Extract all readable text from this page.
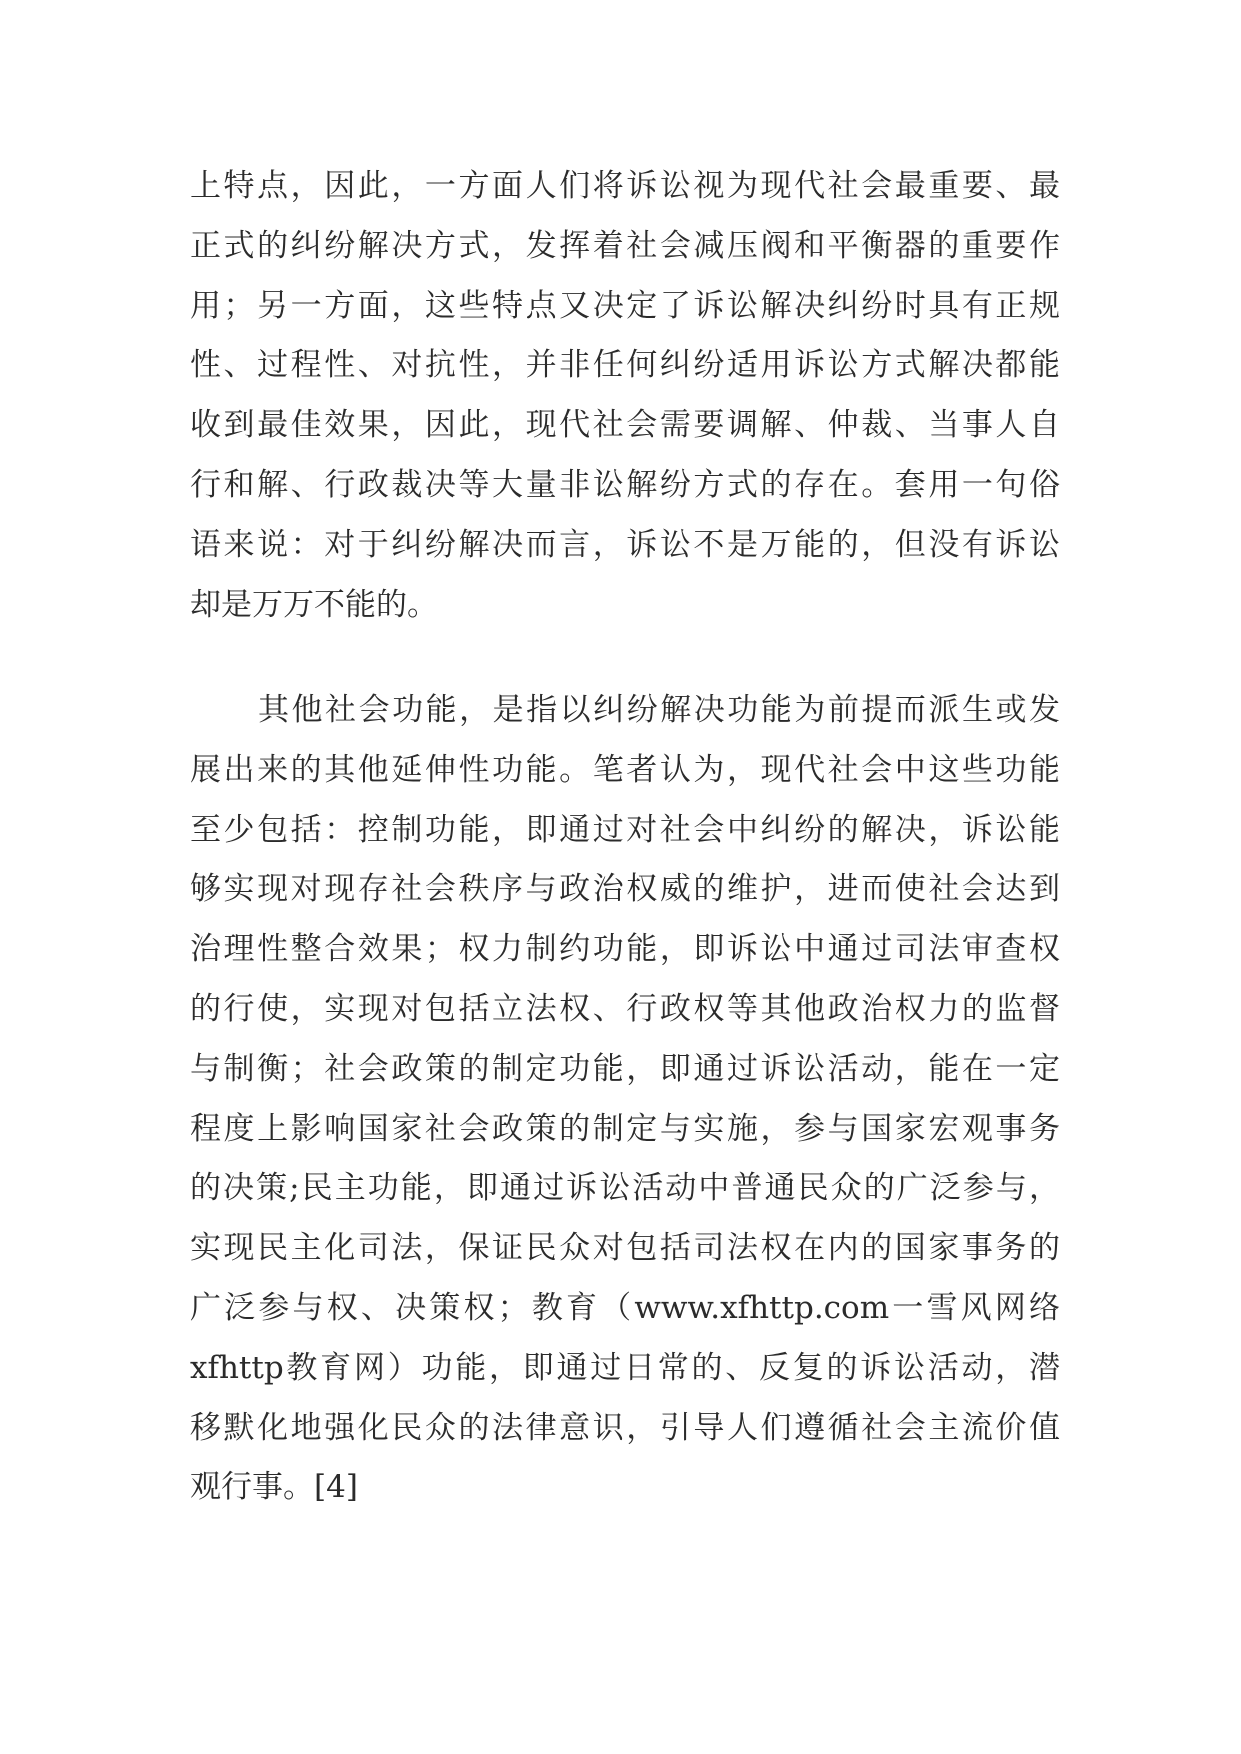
上特点，因此，一方面人们将诉讼视为现代社会最重要、最
正式的纠纷解决方式，发挥着社会减压阀和平衡器的重要作
用；另一方面，这些特点又决定了诉讼解决纠纷时具有正规
性、过程性、对抗性，并非任何纠纷适用诉讼方式解决都能
收到最佳效果，因此，现代社会需要调解、仲裁、当事人自
行和解、行政裁决等大量非讼解纷方式的存在。套用一句俗
语来说：对于纠纷解决而言，诉讼不是万能的，但没有诉讼
却是万万不能的。
其他社会功能，是指以纠纷解决功能为前提而派生或发
展出来的其他延伸性功能。笔者认为，现代社会中这些功能
至少包括：控制功能，即通过对社会中纠纷的解决，诉讼能
够实现对现存社会秩序与政治权威的维护，进而使社会达到
治理性整合效果；权力制约功能，即诉讼中通过司法审查权
的行使，实现对包括立法权、行政权等其他政治权力的监督
与制衡；社会政策的制定功能，即通过诉讼活动，能在一定
程度上影响国家社会政策的制定与实施，参与国家宏观事务
的决策;民主功能，即通过诉讼活动中普通民众的广泛参与，
实现民主化司法，保证民众对包括司法权在内的国家事务的
广泛参与权、决策权；教育（www.xfhttp.com一雪风网络
xfhttp教育网）功能，即通过日常的、反复的诉讼活动，潜
移默化地强化民众的法律意识，引导人们遵循社会主流价值
观行事。[4]
